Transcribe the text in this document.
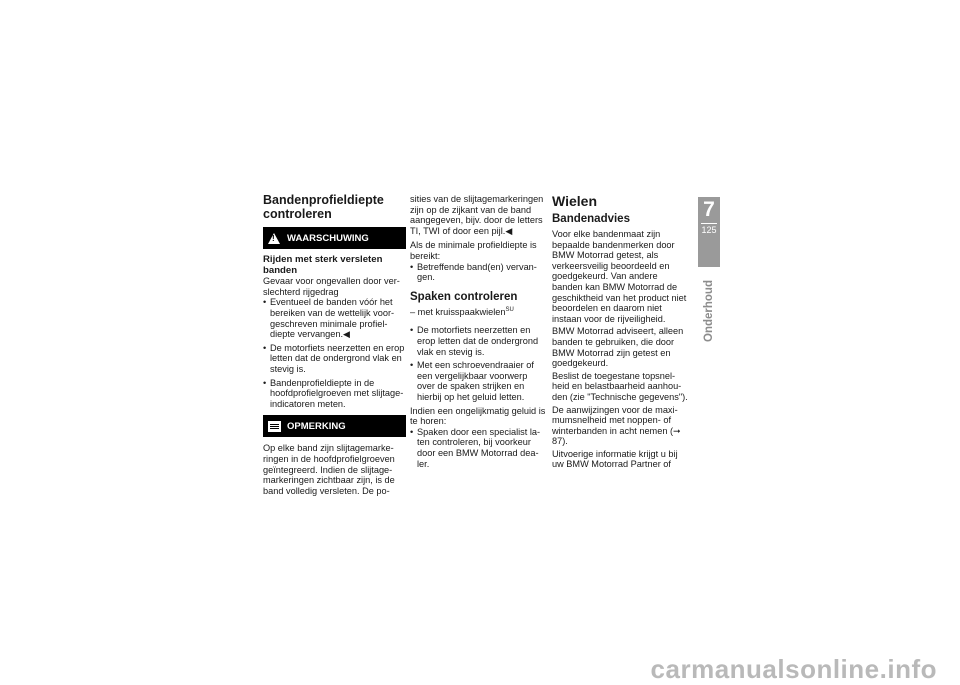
Bandenprofieldiepte controleren
!
WAARSCHUWING
Rijden met sterk versleten banden
Gevaar voor ongevallen door ver-slechterd rijgedrag
• Eventueel de banden vóór het bereiken van de wettelijk voor-geschreven minimale profiel-diepte vervangen.◀
• De motorfiets neerzetten en erop letten dat de ondergrond vlak en stevig is.
• Bandenprofieldiepte in de hoofdprofielgroeven met slijtage-indicatoren meten.
OPMERKING
Op elke band zijn slijtagemarke-ringen in de hoofdprofielgroeven geïntegreerd. Indien de slijtage-markeringen zichtbaar zijn, is de band volledig versleten. De po-
sities van de slijtagemarkeringen zijn op de zijkant van de band aangegeven, bijv. door de letters TI, TWI of door een pijl.◀
Als de minimale profieldiepte is bereikt:
• Betreffende band(en) vervan-gen.
Spaken controleren
– met kruisspaakwielen$^{SU}$
• De motorfiets neerzetten en erop letten dat de ondergrond vlak en stevig is.
• Met een schroevendraaier of een vergelijkbaar voorwerp over de spaken strijken en hierbij op het geluid letten.
Indien een ongelijkmatig geluid is te horen:
• Spaken door een specialist la-ten controleren, bij voorkeur door een BMW Motorrad dea-ler.
Wielen
Bandenadvies
Voor elke bandenmaat zijn bepaalde bandenmerken door BMW Motorrad getest, als verkeersveilig beoordeeld en goedgekeurd. Van andere banden kan BMW Motorrad de geschiktheid van het product niet beoordelen en daarom niet instaan voor de rijveiligheid.
BMW Motorrad adviseert, alleen banden te gebruiken, die door BMW Motorrad zijn getest en goedgekeurd.
Beslist de toegestane topsnel-heid en belastbaarheid aanhou-den (zie "Technische gegevens").
De aanwijzingen voor de maxi-mumsnelheid met noppen- of winterbanden in acht nemen (➞ 87).
Uitvoerige informatie krijgt u bij uw BMW Motorrad Partner of
7
125
Onderhoud
carmanualsonline.info
